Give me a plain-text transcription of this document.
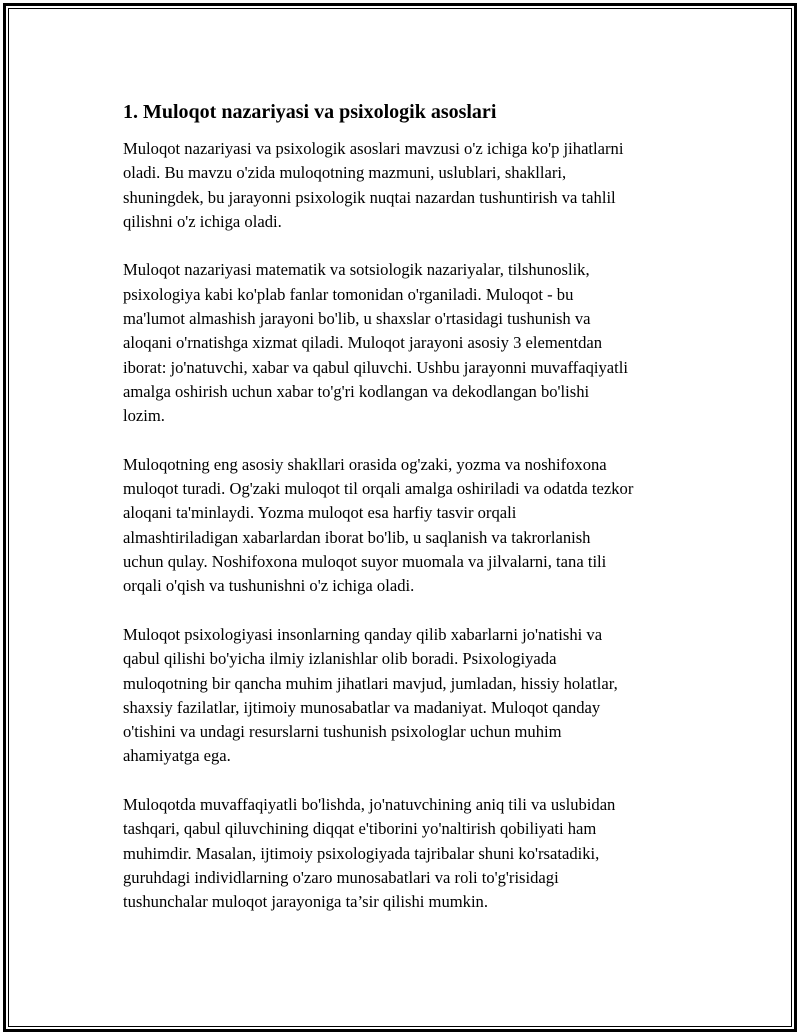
1. Muloqot nazariyasi va psixologik asoslari

Muloqot nazariyasi va psixologik asoslari mavzusi o'z ichiga ko'p jihatlarni
oladi. Bu mavzu o'zida muloqotning mazmuni, uslublari, shakllari,
shuningdek, bu jarayonni psixologik nuqtai nazardan tushuntirish va tahlil
qilishni o'z ichiga oladi.

Muloqot nazariyasi matematik va sotsiologik nazariyalar, tilshunoslik,
psixologiya kabi ko'plab fanlar tomonidan o'rganiladi. Muloqot - bu
ma'lumot almashish jarayoni bo'lib, u shaxslar o'rtasidagi tushunish va
aloqani o'rnatishga xizmat qiladi. Muloqot jarayoni asosiy 3 elementdan
iborat: jo'natuvchi, xabar va qabul qiluvchi. Ushbu jarayonni muvaffaqiyatli
amalga oshirish uchun xabar to'g'ri kodlangan va dekodlangan bo'lishi
lozim.

Muloqotning eng asosiy shakllari orasida og'zaki, yozma va noshifoxona
muloqot turadi. Og'zaki muloqot til orqali amalga oshiriladi va odatda tezkor
aloqani ta'minlaydi. Yozma muloqot esa harfiy tasvir orqali
almashtiriladigan xabarlardan iborat bo'lib, u saqlanish va takrorlanish
uchun qulay. Noshifoxona muloqot suyor muomala va jilvalarni, tana tili
orqali o'qish va tushunishni o'z ichiga oladi.

Muloqot psixologiyasi insonlarning qanday qilib xabarlarni jo'natishi va
qabul qilishi bo'yicha ilmiy izlanishlar olib boradi. Psixologiyada
muloqotning bir qancha muhim jihatlari mavjud, jumladan, hissiy holatlar,
shaxsiy fazilatlar, ijtimoiy munosabatlar va madaniyat. Muloqot qanday
o'tishini va undagi resurslarni tushunish psixologlar uchun muhim
ahamiyatga ega.

Muloqotda muvaffaqiyatli bo'lishda, jo'natuvchining aniq tili va uslubidan
tashqari, qabul qiluvchining diqqat e'tiborini yo'naltirish qobiliyati ham
muhimdir. Masalan, ijtimoiy psixologiyada tajribalar shuni ko'rsatadiki,
guruhdagi individlarning o'zaro munosabatlari va roli to'g'risidagi
tushunchalar muloqot jarayoniga ta’sir qilishi mumkin.
